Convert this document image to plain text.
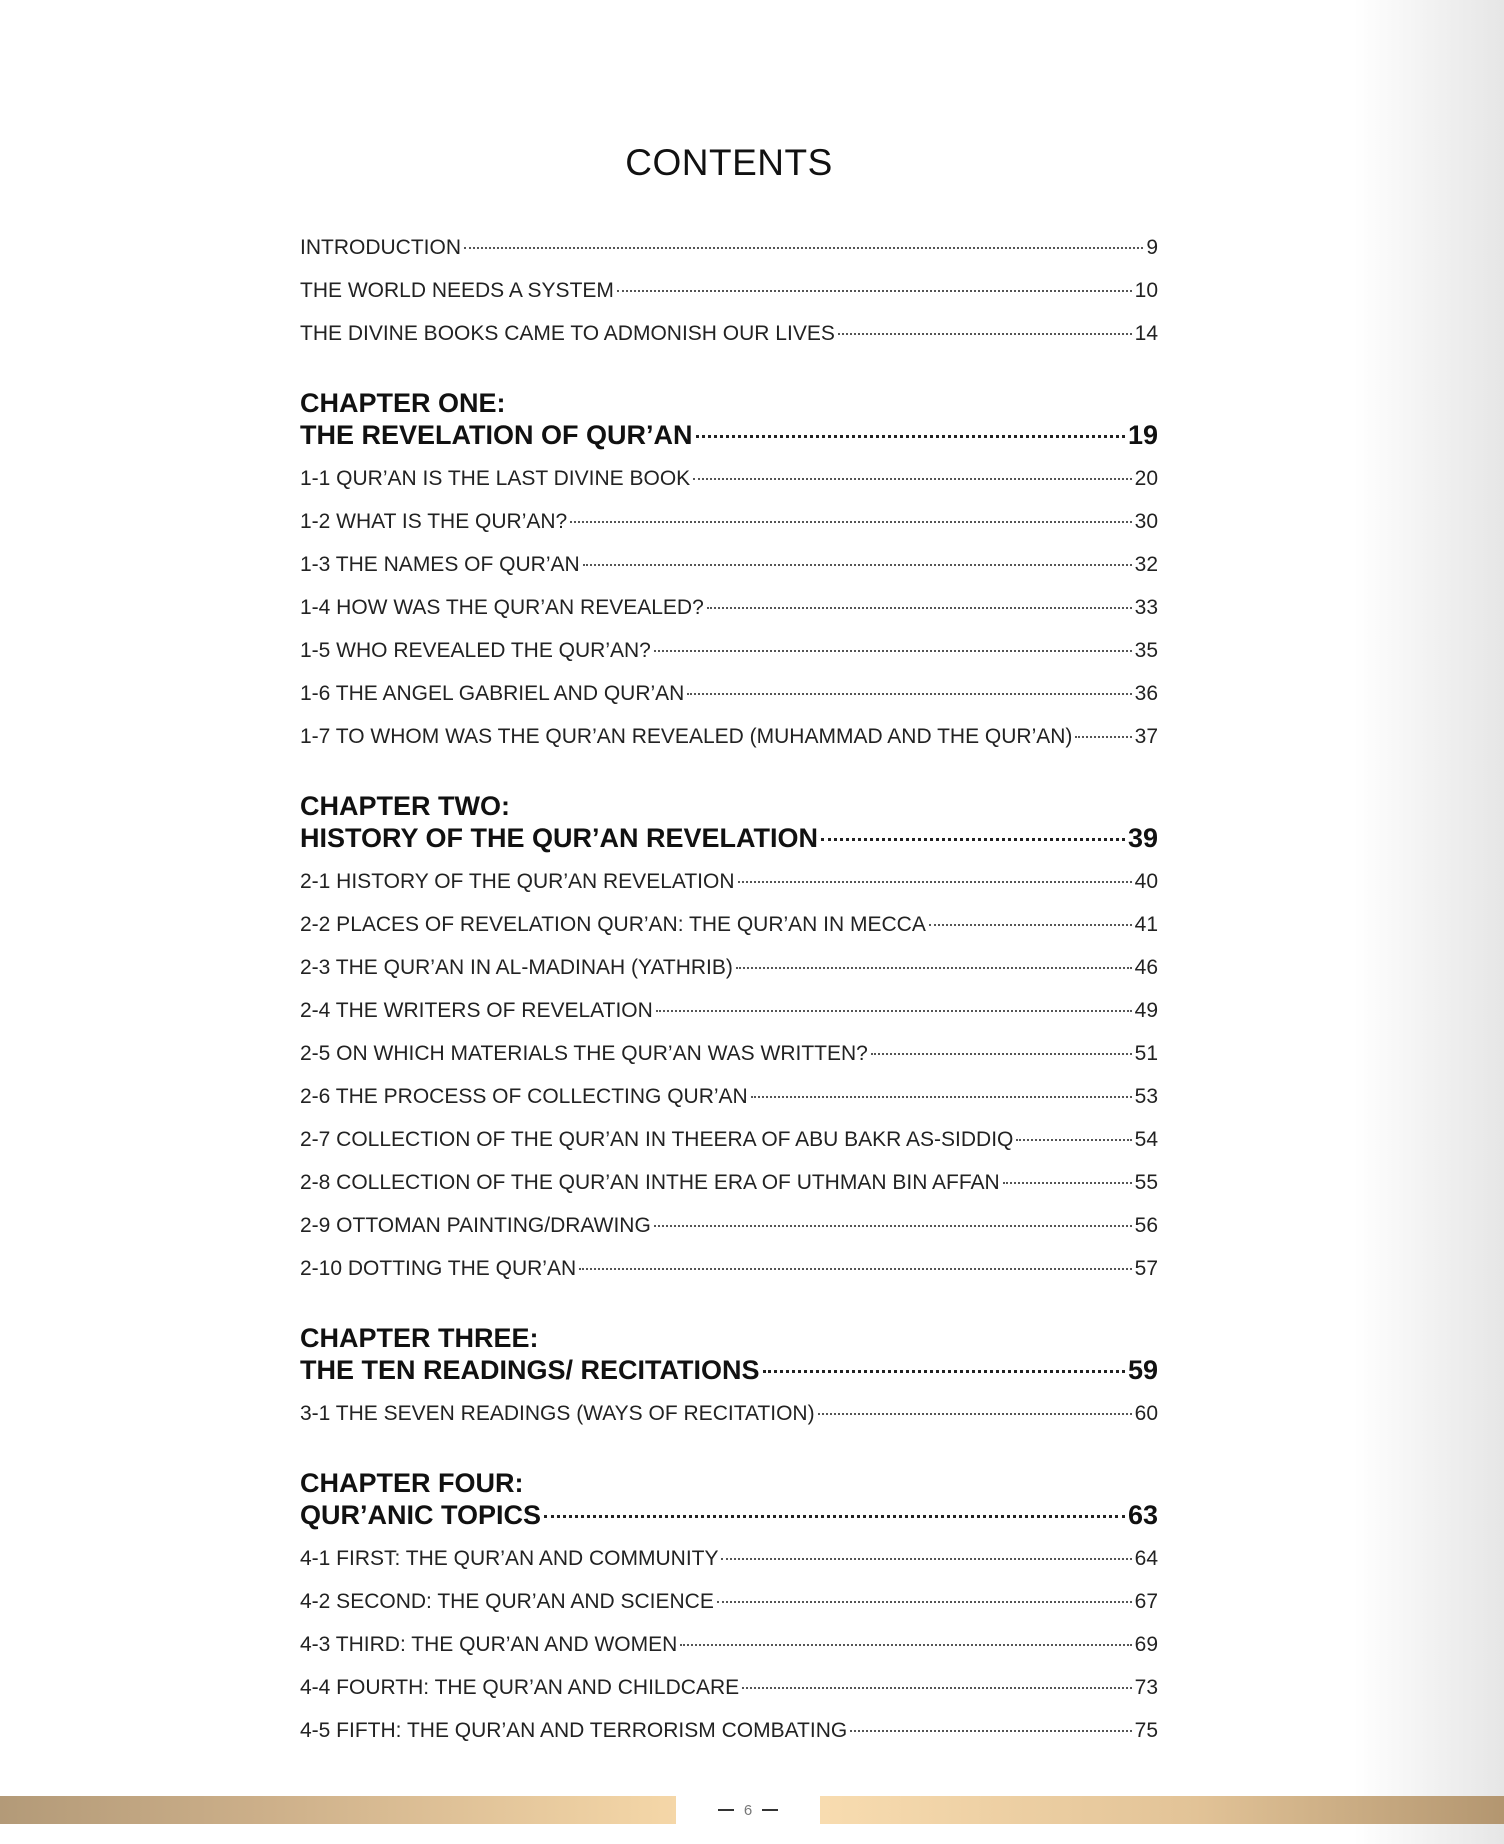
CONTENTS
INTRODUCTION	9
THE WORLD NEEDS A SYSTEM	10
THE DIVINE BOOKS CAME TO ADMONISH OUR LIVES	14
CHAPTER ONE:
THE REVELATION OF QUR’AN	19
1-1 QUR’AN IS THE LAST DIVINE BOOK	20
1-2 WHAT IS THE QUR’AN?	30
1-3 THE NAMES OF QUR’AN	32
1-4 HOW WAS THE QUR’AN REVEALED?	33
1-5 WHO REVEALED THE QUR’AN?	35
1-6 THE ANGEL GABRIEL AND QUR’AN	36
1-7 TO WHOM WAS THE QUR’AN REVEALED (MUHAMMAD AND THE QUR’AN)	37
CHAPTER TWO:
HISTORY OF THE QUR’AN REVELATION	39
2-1 HISTORY OF THE QUR’AN REVELATION	40
2-2 PLACES OF REVELATION QUR’AN: THE QUR’AN IN MECCA	41
2-3 THE QUR’AN IN AL-MADINAH (YATHRIB)	46
2-4 THE WRITERS OF REVELATION	49
2-5 ON WHICH MATERIALS THE QUR’AN WAS WRITTEN?	51
2-6 THE PROCESS OF COLLECTING QUR’AN	53
2-7 COLLECTION OF THE QUR’AN IN THEERA OF ABU BAKR AS-SIDDIQ	54
2-8 COLLECTION OF THE QUR’AN INTHE ERA OF UTHMAN BIN AFFAN	55
2-9 OTTOMAN PAINTING/DRAWING	56
2-10 DOTTING THE QUR’AN	57
CHAPTER THREE:
THE TEN READINGS/ RECITATIONS	59
3-1 THE SEVEN READINGS (WAYS OF RECITATION)	60
CHAPTER FOUR:
QUR’ANIC TOPICS	63
4-1 FIRST: THE QUR’AN AND COMMUNITY	64
4-2 SECOND: THE QUR’AN AND SCIENCE	67
4-3 THIRD: THE QUR’AN AND WOMEN	69
4-4 FOURTH: THE QUR’AN AND CHILDCARE	73
4-5 FIFTH: THE QUR’AN AND TERRORISM COMBATING	75
6
